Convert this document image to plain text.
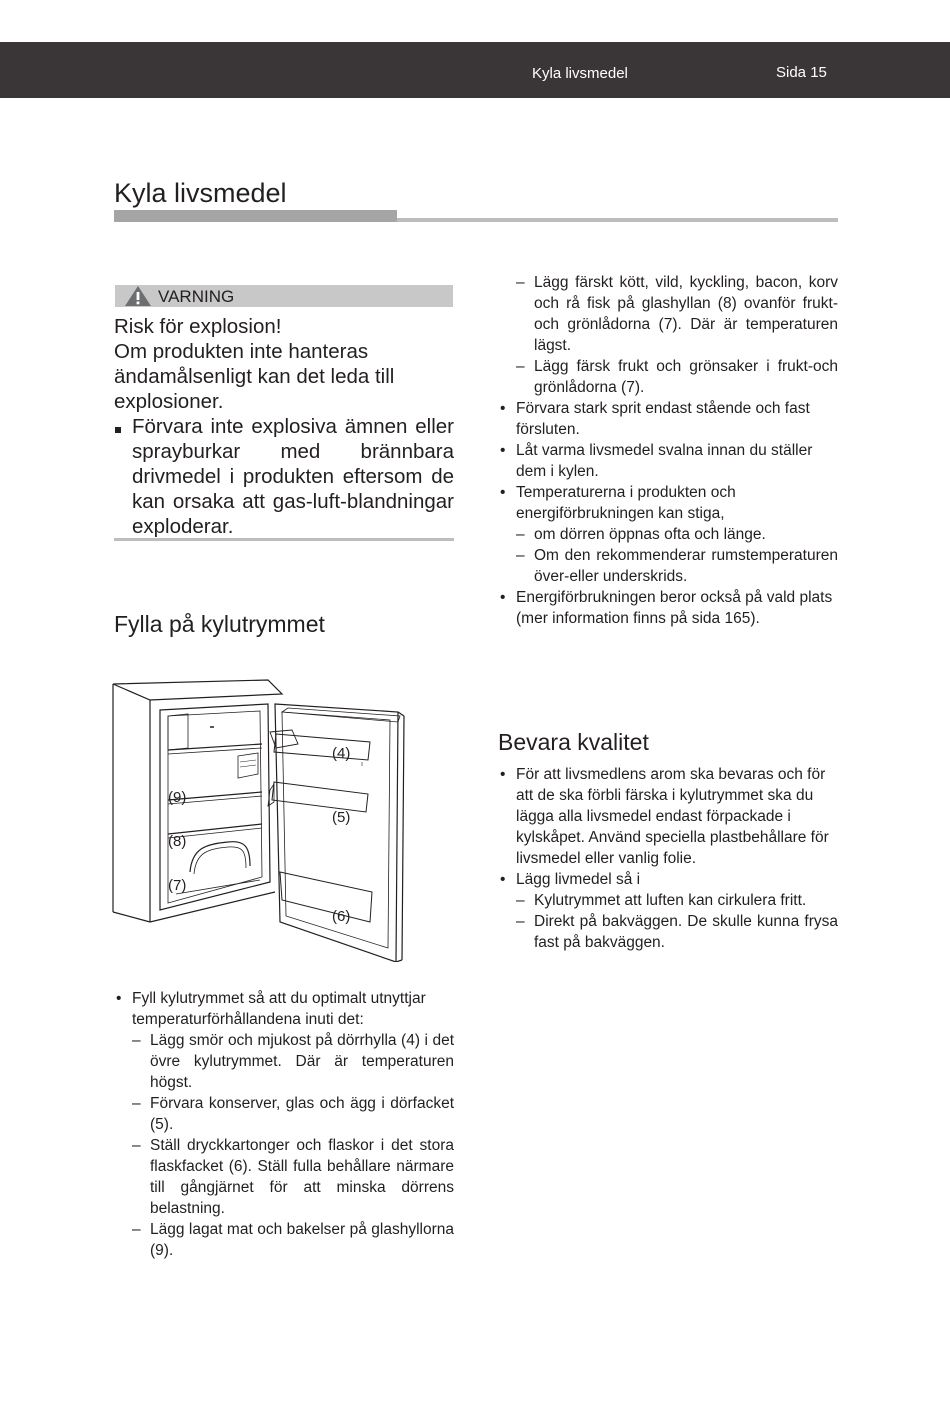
Kyla livsmedel	Sida 15
Kyla livsmedel
VARNING

Risk för explosion!

Om produkten inte hanteras ändamålsenligt kan det leda till explosioner.

Förvara inte explosiva ämnen eller sprayburkar med brännbara drivmedel i produkten eftersom de kan orsaka att gas-luft-blandningar exploderar.
Fylla på kylutrymmet
(4)
(9)
(5)
(8)
(7)
(6)
• Fyll kylutrymmet så att du optimalt utnyttjar temperaturförhållandena inuti det:
– Lägg smör och mjukost på dörrhylla (4) i det övre kylutrymmet. Där är temperaturen högst.
– Förvara konserver, glas och ägg i dörfacket (5).
– Ställ dryckkartonger och flaskor i det stora flaskfacket (6). Ställ fulla behållare närmare till gångjärnet för att minska dörrens belastning.
– Lägg lagat mat och bakelser på glashyllorna (9).
– Lägg färskt kött, vild, kyckling, bacon, korv och rå fisk på glashyllan (8) ovanför frukt-och grönlådorna (7). Där är temperaturen lägst.
– Lägg färsk frukt och grönsaker i frukt-och grönlådorna (7).
• Förvara stark sprit endast stående och fast försluten.
• Låt varma livsmedel svalna innan du ställer dem i kylen.
• Temperaturerna i produkten och energiförbrukningen kan stiga,
– om dörren öppnas ofta och länge.
– Om den rekommenderar rumstemperaturen över-eller underskrids.
• Energiförbrukningen beror också på vald plats (mer information finns på sida 165).
Bevara kvalitet
• För att livsmedlens arom ska bevaras och för att de ska förbli färska i kylutrymmet ska du lägga alla livsmedel endast förpackade i kylskåpet. Använd speciella plastbehållare för livsmedel eller vanlig folie.
• Lägg livmedel så i
– Kylutrymmet att luften kan cirkulera fritt.
– Direkt på bakväggen. De skulle kunna frysa fast på bakväggen.
